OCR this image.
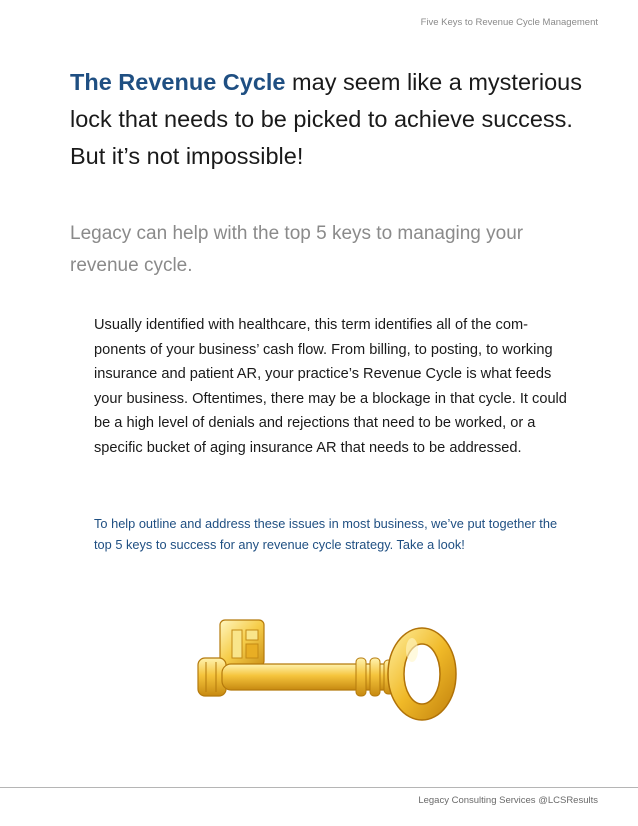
Five Keys to Revenue Cycle Management
The Revenue Cycle may seem like a mysterious lock that needs to be picked to achieve success. But it’s not impossible!
Legacy can help with the top 5 keys to managing your revenue cycle.
Usually identified with healthcare, this term identifies all of the components of your business’ cash flow. From billing, to posting, to working insurance and patient AR, your practice’s Revenue Cycle is what feeds your business. Oftentimes, there may be a blockage in that cycle. It could be a high level of denials and rejections that need to be worked, or a specific bucket of aging insurance AR that needs to be addressed.
To help outline and address these issues in most business, we’ve put together the top 5 keys to success for any revenue cycle strategy. Take a look!
Legacy Consulting Services @LCSResults
